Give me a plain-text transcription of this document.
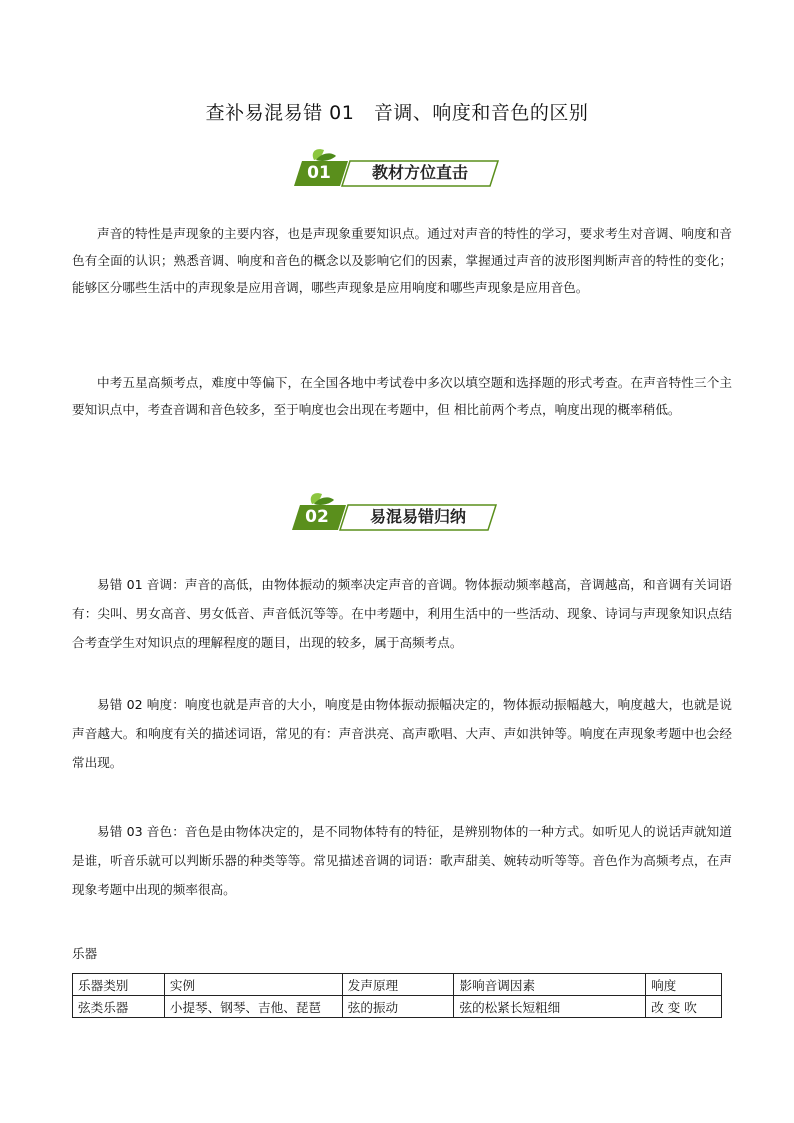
查补易混易错 01　音调、响度和音色的区别
01	教材方位直击
声音的特性是声现象的主要内容，也是声现象重要知识点。通过对声音的特性的学习，要求考生对音调、响度和音色有全面的认识；熟悉音调、响度和音色的概念以及影响它们的因素，掌握通过声音的波形图判断声音的特性的变化；能够区分哪些生活中的声现象是应用音调，哪些声现象是应用响度和哪些声现象是应用音色。
中考五星高频考点，难度中等偏下，在全国各地中考试卷中多次以填空题和选择题的形式考查。在声音特性三个主要知识点中，考查音调和音色较多，至于响度也会出现在考题中，但 相比前两个考点，响度出现的概率稍低。
02	易混易错归纳
易错 01 音调：声音的高低，由物体振动的频率决定声音的音调。物体振动频率越高，音调越高，和音调有关词语有：尖叫、男女高音、男女低音、声音低沉等等。在中考题中，利用生活中的一些活动、现象、诗词与声现象知识点结合考查学生对知识点的理解程度的题目，出现的较多，属于高频考点。
易错 02 响度：响度也就是声音的大小，响度是由物体振动振幅决定的，物体振动振幅越大，响度越大，也就是说声音越大。和响度有关的描述词语，常见的有：声音洪亮、高声歌唱、大声、声如洪钟等。响度在声现象考题中也会经常出现。
易错 03 音色：音色是由物体决定的，是不同物体特有的特征，是辨别物体的一种方式。如听见人的说话声就知道是谁，听音乐就可以判断乐器的种类等等。常见描述音调的词语：歌声甜美、婉转动听等等。音色作为高频考点，在声现象考题中出现的频率很高。
乐器
乐器类别	实例	发声原理	影响音调因素	响度
弦类乐器	小提琴、钢琴、吉他、琵琶	弦的振动	弦的松紧长短粗细	改 变 吹
